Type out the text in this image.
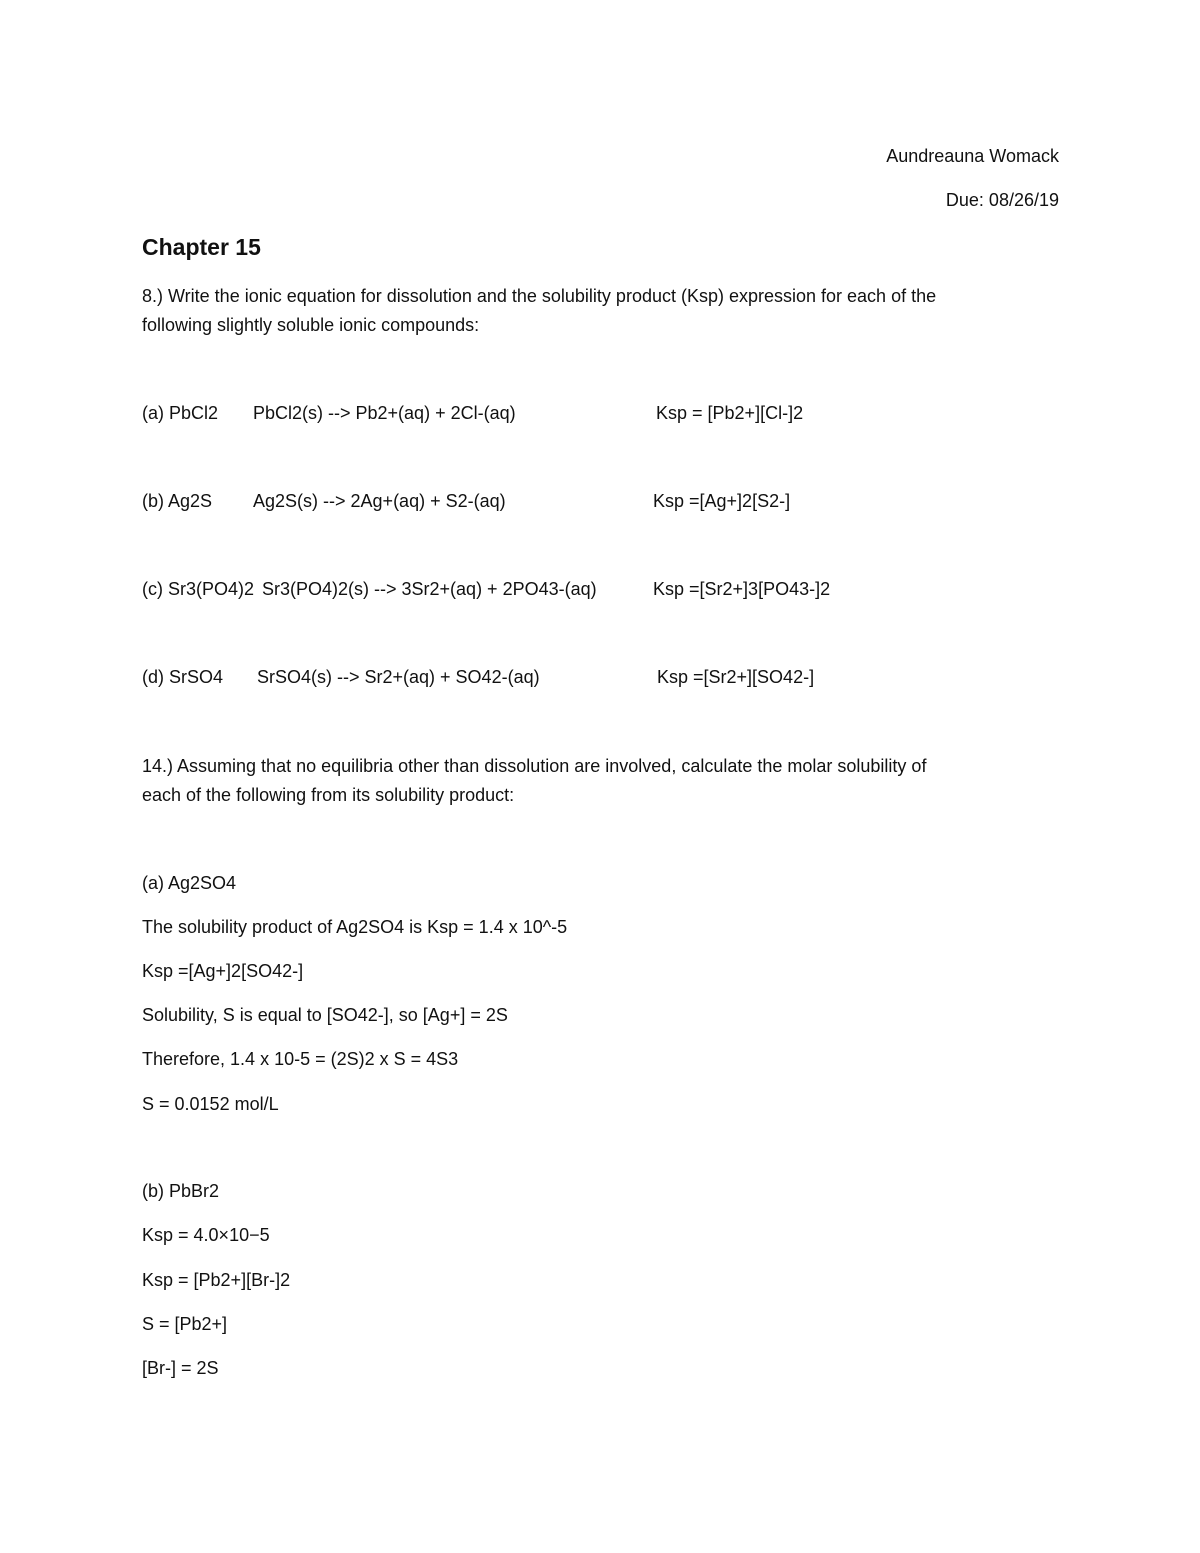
Aundreauna Womack
Due: 08/26/19
Chapter 15
8.) Write the ionic equation for dissolution and the solubility product (Ksp) expression for each of the
following slightly soluble ionic compounds:
(a) PbCl2 PbCl2(s) --> Pb2+(aq) + 2Cl-(aq)	Ksp = [Pb2+][Cl-]2
(b) Ag2S Ag2S(s) --> 2Ag+(aq) + S2-(aq)	Ksp =[Ag+]2[S2-]
(c) Sr3(PO4)2 Sr3(PO4)2(s) --> 3Sr2+(aq) + 2PO43-(aq)	Ksp =[Sr2+]3[PO43-]2
(d) SrSO4 SrSO4(s) --> Sr2+(aq) + SO42-(aq)	Ksp =[Sr2+][SO42-]
14.) Assuming that no equilibria other than dissolution are involved, calculate the molar solubility of
each of the following from its solubility product:
(a) Ag2SO4
The solubility product of Ag2SO4 is Ksp = 1.4 x 10^-5
Ksp =[Ag+]2[SO42-]
Solubility, S is equal to [SO42-], so [Ag+] = 2S
Therefore, 1.4 x 10-5 = (2S)2 x S = 4S3
S = 0.0152 mol/L
(b) PbBr2
Ksp = 4.0×10−5
Ksp = [Pb2+][Br-]2
S = [Pb2+]
[Br-] = 2S
